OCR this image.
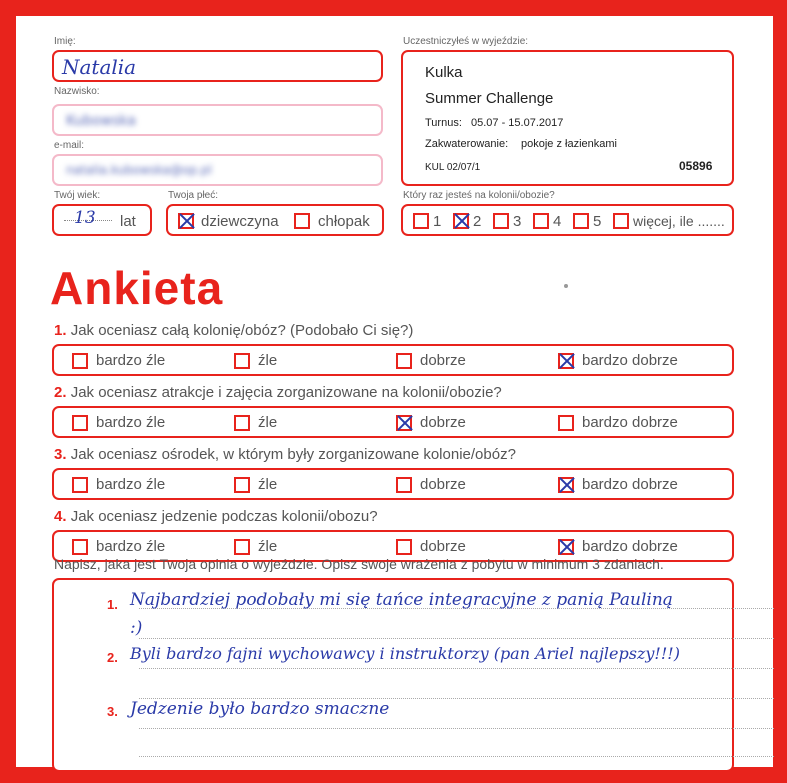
Imię:
Natalia
Nazwisko:
Kubowska
e-mail:
natalia.kubowska@op.pl
Twój wiek:
13 lat
Twoja płeć:
dziewczyna	chłopak
Uczestniczyłeś w wyjeździe:
Kulka
Summer Challenge
Turnus: 05.07 - 15.07.2017
Zakwaterowanie: pokoje z łazienkami
KUL 02/07/1	05896
Który raz jesteś na kolonii/obozie?
1 2 3 4 5 więcej, ile .......
Ankieta
1. Jak oceniasz całą kolonię/obóz? (Podobało Ci się?)
bardzo źle	źle	dobrze	bardzo dobrze
2. Jak oceniasz atrakcje i zajęcia zorganizowane na kolonii/obozie?
bardzo źle	źle	dobrze	bardzo dobrze
3. Jak oceniasz ośrodek, w którym były zorganizowane kolonie/obóz?
bardzo źle	źle	dobrze	bardzo dobrze
4. Jak oceniasz jedzenie podczas kolonii/obozu?
bardzo źle	źle	dobrze	bardzo dobrze
Napisz, jaka jest Twoja opinia o wyjeździe. Opisz swoje wrażenia z pobytu w minimum 3 zdaniach.
1. Najbardziej podobały mi się tańce integracyjne z panią Pauliną :)
2. Byli bardzo fajni wychowawcy i instruktorzy (pan Ariel najlepszy!!!)
3. Jedzenie było bardzo smaczne
